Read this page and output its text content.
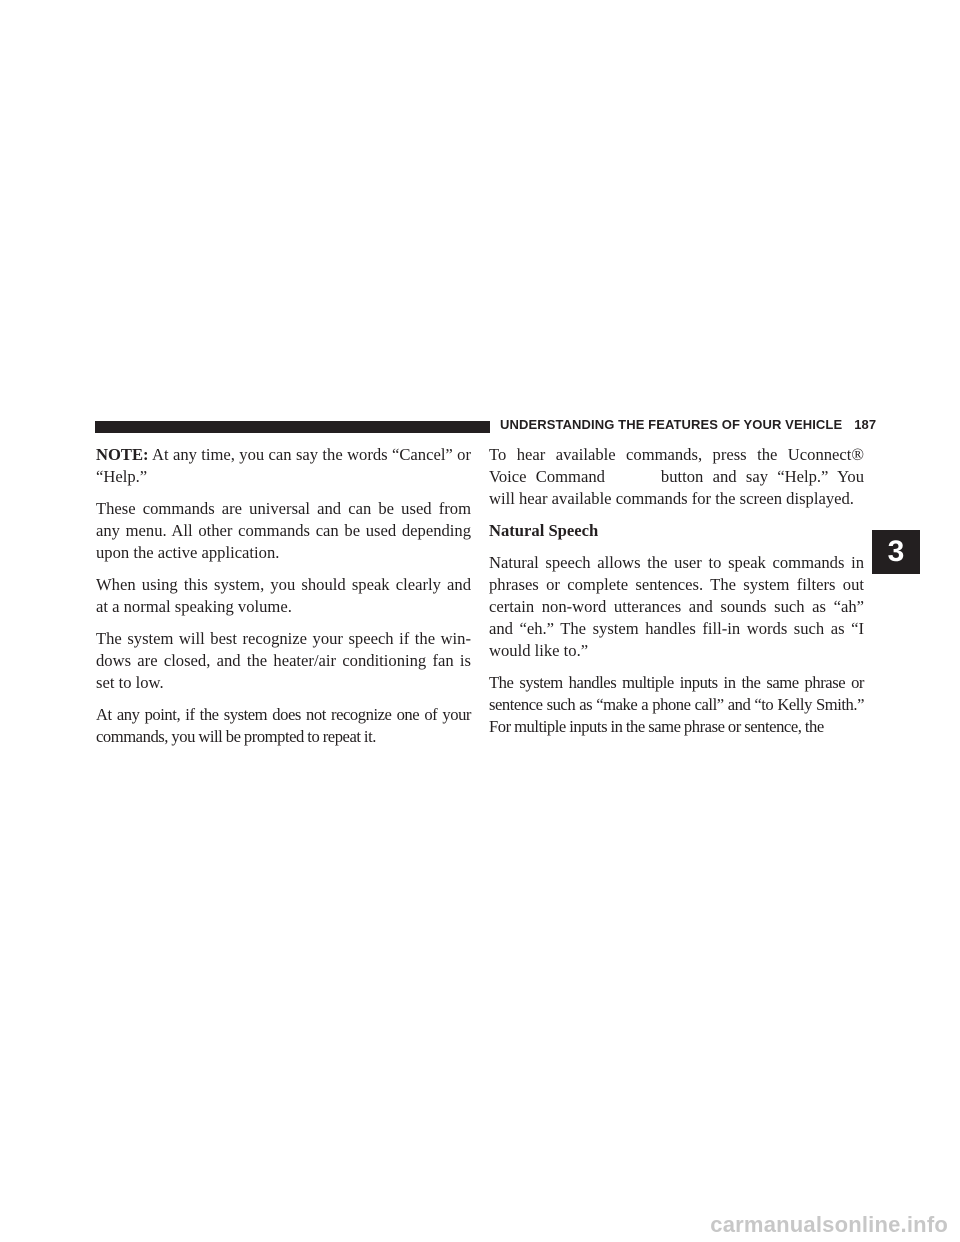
UNDERSTANDING THE FEATURES OF YOUR VEHICLE 187

NOTE: At any time, you can say the words “Cancel” or “Help.”

These commands are universal and can be used from any menu. All other commands can be used depending upon the active application.

When using this system, you should speak clearly and at a normal speaking volume.

The system will best recognize your speech if the win-dows are closed, and the heater/air conditioning fan is set to low.

At any point, if the system does not recognize one of your commands, you will be prompted to repeat it.

To hear available commands, press the Uconnect® Voice Command	button and say “Help.” You will hear available commands for the screen displayed.

Natural Speech

Natural speech allows the user to speak commands in phrases or complete sentences. The system filters out certain non-word utterances and sounds such as “ah” and “eh.” The system handles fill-in words such as “I would like to.”

The system handles multiple inputs in the same phrase or sentence such as “make a phone call” and “to Kelly Smith.” For multiple inputs in the same phrase or sentence, the

3
carmanualsonline.info
